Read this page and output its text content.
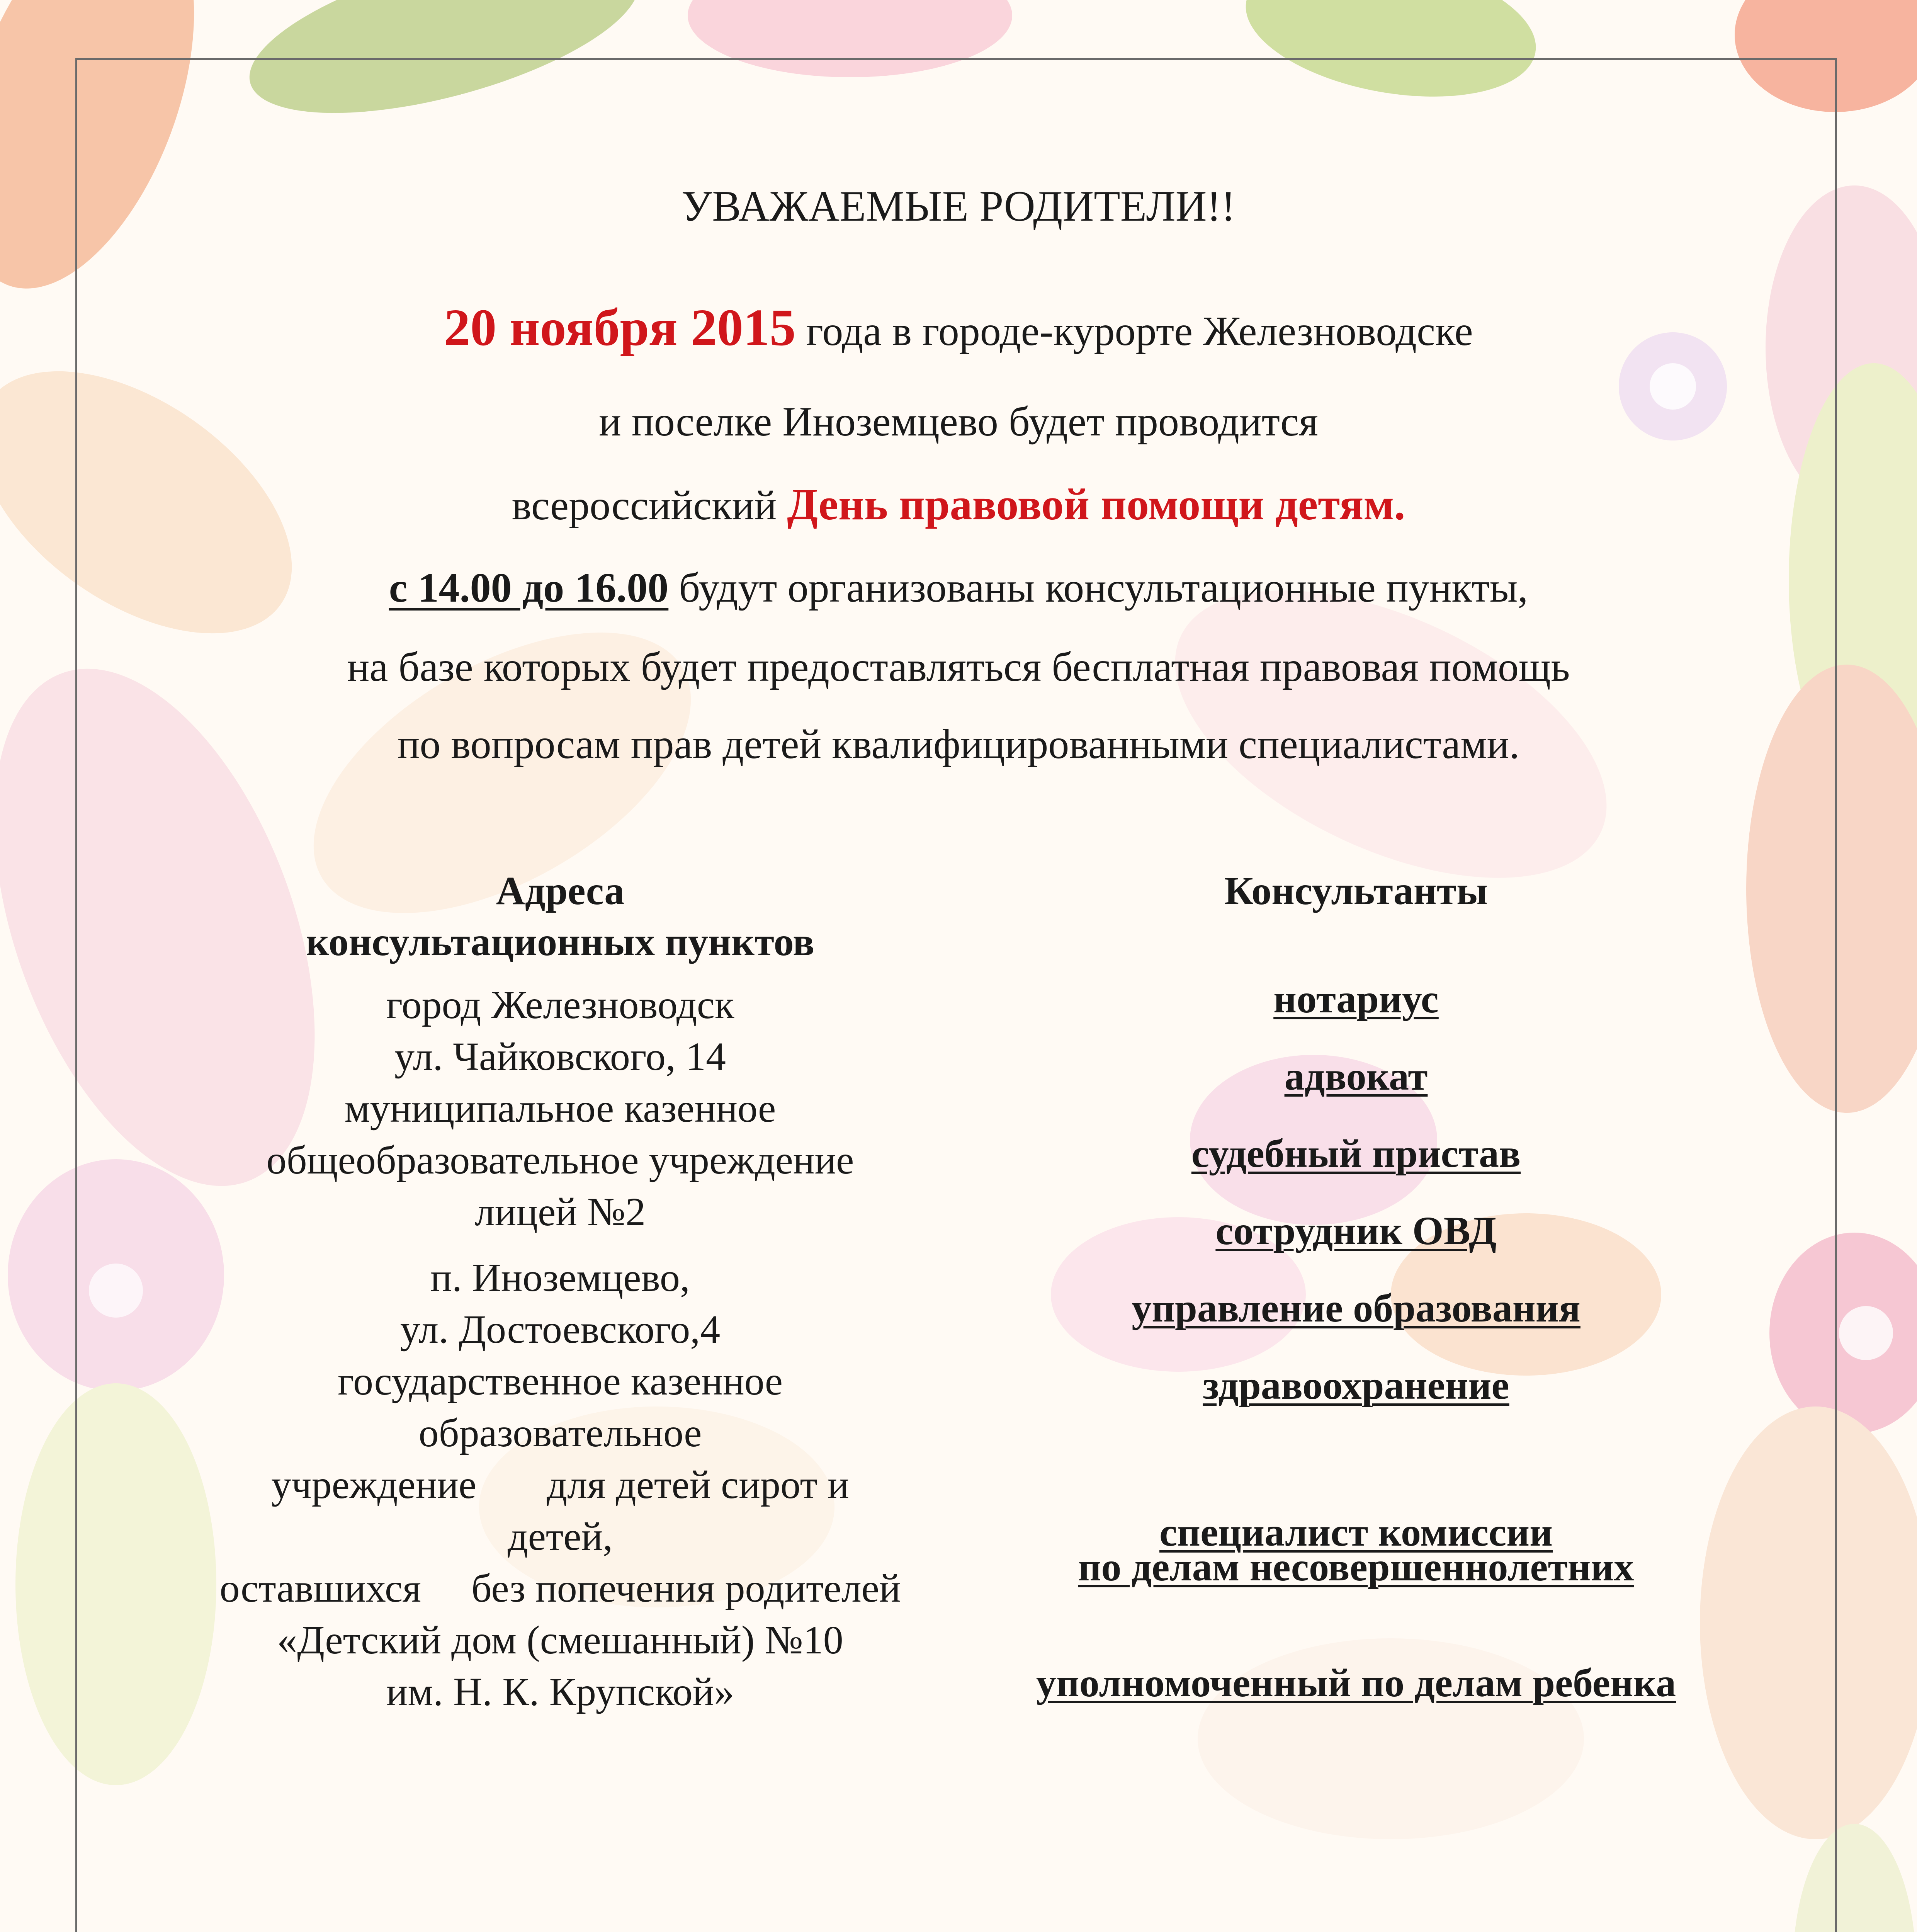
УВАЖАЕМЫЕ РОДИТЕЛИ!!
20 ноября 2015 года в городе-курорте Железноводске
и поселке Иноземцево будет проводится
всероссийский День правовой помощи детям.
с 14.00 до 16.00 будут организованы консультационные пункты,
на базе которых будет предоставляться бесплатная правовая помощь
по вопросам прав детей квалифицированными специалистами.
Адреса
консультационных пунктов
город Железноводск
ул. Чайковского, 14
муниципальное казенное
общеобразовательное учреждение
лицей №2
п. Иноземцево,
ул. Достоевского,4
государственное казенное
образовательное
учреждение       для детей сирот и
детей,
оставшихся     без попечения родителей
«Детский дом (смешанный) №10
им. Н. К. Крупской»
Консультанты
нотариус
адвокат
судебный пристав
сотрудник ОВД
управление образования
здравоохранение
специалист комиссии
по делам несовершеннолетних
уполномоченный по делам ребенка
